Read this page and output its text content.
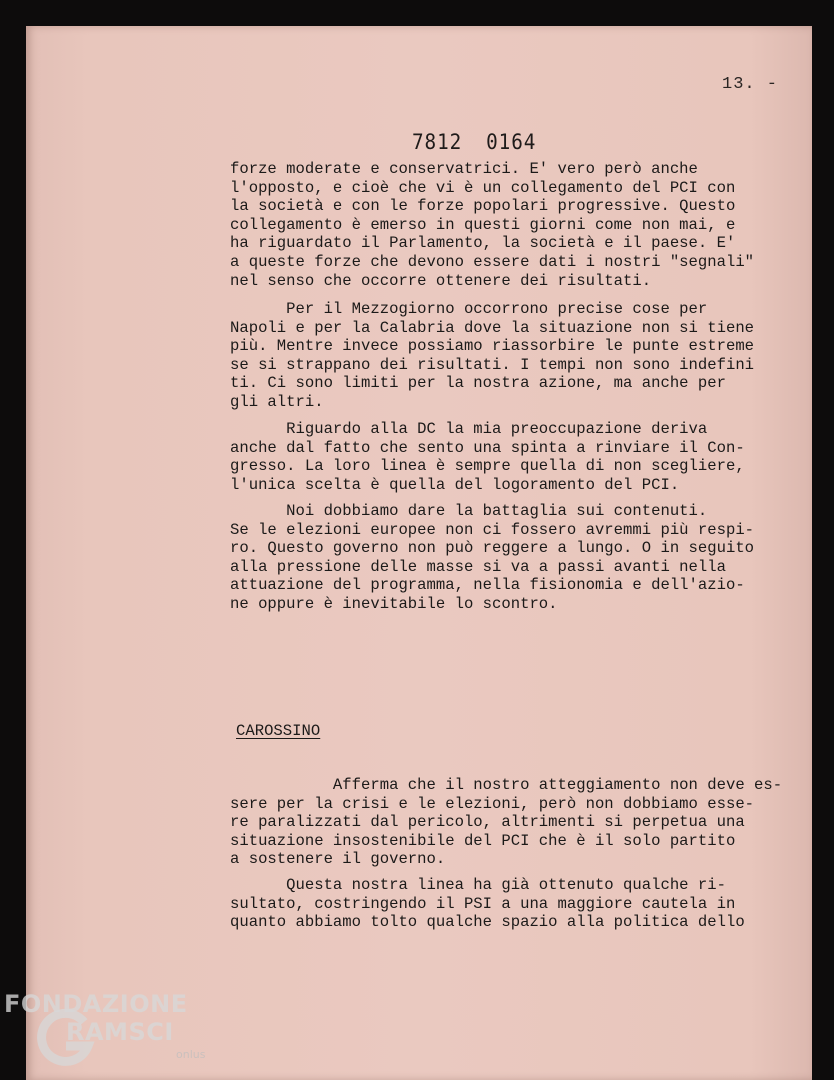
13. -
7812 0164
forze moderate e conservatrici. E' vero però anche
l'opposto, e cioè che vi è un collegamento del PCI con
la società e con le forze popolari progressive. Questo
collegamento è emerso in questi giorni come non mai, e
ha riguardato il Parlamento, la società e il paese. E'
a queste forze che devono essere dati i nostri "segnali"
nel senso che occorre ottenere dei risultati.
Per il Mezzogiorno occorrono precise cose per
Napoli e per la Calabria dove la situazione non si tiene
più. Mentre invece possiamo riassorbire le punte estreme
se si strappano dei risultati. I tempi non sono indefini
ti. Ci sono limiti per la nostra azione, ma anche per
gli altri.
Riguardo alla DC la mia preoccupazione deriva
anche dal fatto che sento una spinta a rinviare il Con-
gresso. La loro linea è sempre quella di non scegliere,
l'unica scelta è quella del logoramento del PCI.
Noi dobbiamo dare la battaglia sui contenuti.
Se le elezioni europee non ci fossero avremmi più respi-
ro. Questo governo non può reggere a lungo. O in seguito
alla pressione delle masse si va a passi avanti nella
attuazione del programma, nella fisionomia e dell'azio-
ne oppure è inevitabile lo scontro.
CAROSSINO
Afferma che il nostro atteggiamento non deve es-
sere per la crisi e le elezioni, però non dobbiamo esse-
re paralizzati dal pericolo, altrimenti si perpetua una
situazione insostenibile del PCI che è il solo partito
a sostenere il governo.
Questa nostra linea ha già ottenuto qualche ri-
sultato, costringendo il PSI a una maggiore cautela in
quanto abbiamo tolto qualche spazio alla politica dello
FONDAZIONE
RAMSCI
onlus
